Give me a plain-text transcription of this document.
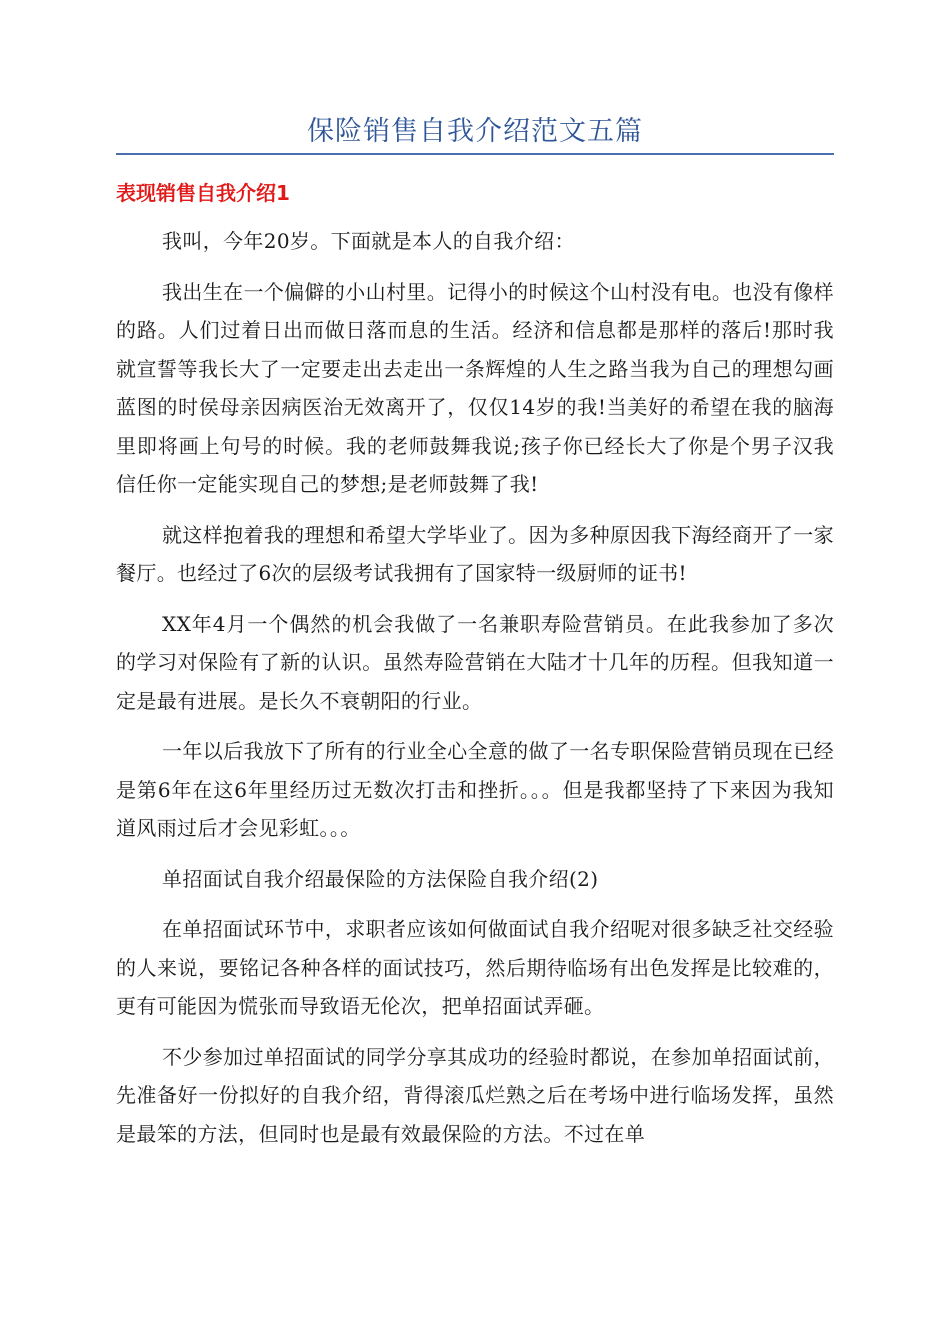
保险销售自我介绍范文五篇
表现销售自我介绍1

我叫，今年20岁。下面就是本人的自我介绍：

我出生在一个偏僻的小山村里。记得小的时候这个山村没有电。也没有像样的路。人们过着日出而做日落而息的生活。经济和信息都是那样的落后!那时我就宣誓等我长大了一定要走出去走出一条辉煌的人生之路当我为自己的理想勾画蓝图的时侯母亲因病医治无效离开了，仅仅14岁的我!当美好的希望在我的脑海里即将画上句号的时候。我的老师鼓舞我说;孩子你已经长大了你是个男子汉我信任你一定能实现自己的梦想;是老师鼓舞了我!

就这样抱着我的理想和希望大学毕业了。因为多种原因我下海经商开了一家餐厅。也经过了6次的层级考试我拥有了国家特一级厨师的证书!

XX年4月一个偶然的机会我做了一名兼职寿险营销员。在此我参加了多次的学习对保险有了新的认识。虽然寿险营销在大陆才十几年的历程。但我知道一定是最有进展。是长久不衰朝阳的行业。

一年以后我放下了所有的行业全心全意的做了一名专职保险营销员现在已经是第6年在这6年里经历过无数次打击和挫折。。。但是我都坚持了下来因为我知道风雨过后才会见彩虹。。。

单招面试自我介绍最保险的方法保险自我介绍(2)

在单招面试环节中，求职者应该如何做面试自我介绍呢对很多缺乏社交经验的人来说，要铭记各种各样的面试技巧，然后期待临场有出色发挥是比较难的，更有可能因为慌张而导致语无伦次，把单招面试弄砸。

不少参加过单招面试的同学分享其成功的经验时都说，在参加单招面试前，先准备好一份拟好的自我介绍，背得滚瓜烂熟之后在考场中进行临场发挥，虽然是最笨的方法，但同时也是最有效最保险的方法。不过在单
